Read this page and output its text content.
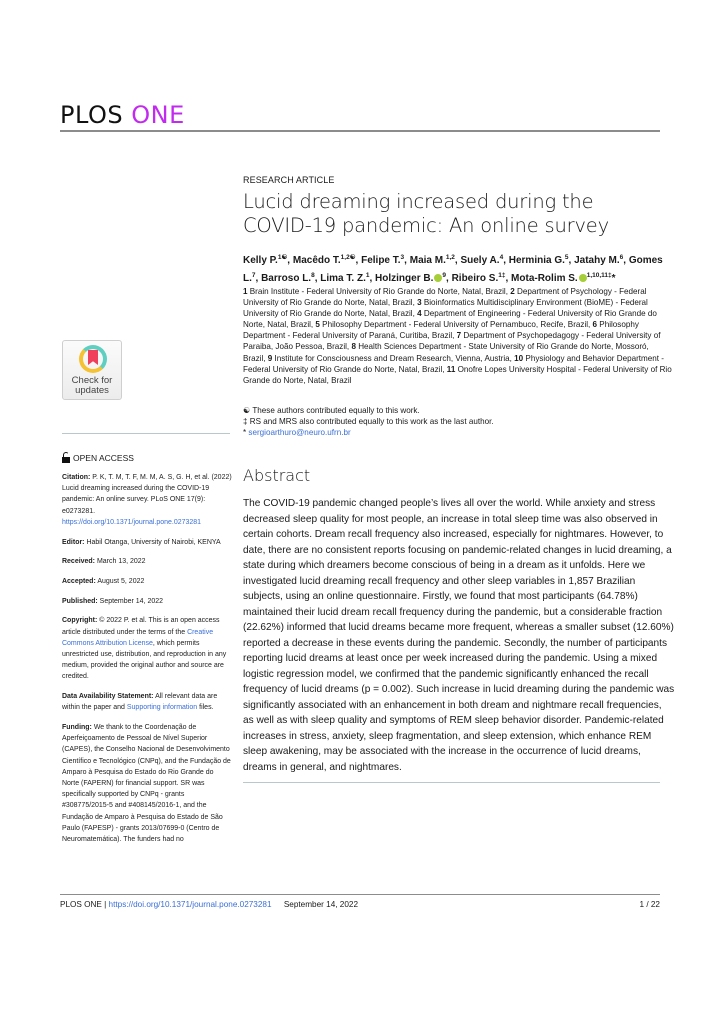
PLOS ONE
RESEARCH ARTICLE
Lucid dreaming increased during the COVID-19 pandemic: An online survey
Kelly P.$^{1☯}$, Macêdo T.$^{1,2☯}$, Felipe T.$^3$, Maia M.$^{1,2}$, Suely A.$^4$, Herminia G.$^5$, Jatahy M.$^6$, Gomes L.$^7$, Barroso L.$^8$, Lima T. Z.$^1$, Holzinger B. $^9$, Ribeiro S.$^{1\ddagger}$, Mota-Rolim S. $^{1,10,11\ddagger}$*
1 Brain Institute - Federal University of Rio Grande do Norte, Natal, Brazil, 2 Department of Psychology - Federal University of Rio Grande do Norte, Natal, Brazil, 3 Bioinformatics Multidisciplinary Environment (BioME) - Federal University of Rio Grande do Norte, Natal, Brazil, 4 Department of Engineering - Federal University of Rio Grande do Norte, Natal, Brazil, 5 Philosophy Department - Federal University of Pernambuco, Recife, Brazil, 6 Philosophy Department - Federal University of Paraná, Curitiba, Brazil, 7 Department of Psychopedagogy - Federal University of Paraiba, João Pessoa, Brazil, 8 Health Sciences Department - State University of Rio Grande do Norte, Mossoró, Brazil, 9 Institute for Consciousness and Dream Research, Vienna, Austria, 10 Physiology and Behavior Department - Federal University of Rio Grande do Norte, Natal, Brazil, 11 Onofre Lopes University Hospital - Federal University of Rio Grande do Norte, Natal, Brazil
☯ These authors contributed equally to this work.
‡ RS and MRS also contributed equally to this work as the last author.
* sergioarthuro@neuro.ufrn.br
Check for updates
OPEN ACCESS

Citation: P. K, T. M, T. F, M. M, A. S, G. H, et al. (2022) Lucid dreaming increased during the COVID-19 pandemic: An online survey. PLoS ONE 17(9): e0273281. https://doi.org/10.1371/journal.pone.0273281

Editor: Habil Otanga, University of Nairobi, KENYA

Received: March 13, 2022

Accepted: August 5, 2022

Published: September 14, 2022

Copyright: © 2022 P. et al. This is an open access article distributed under the terms of the Creative Commons Attribution License, which permits unrestricted use, distribution, and reproduction in any medium, provided the original author and source are credited.

Data Availability Statement: All relevant data are within the paper and Supporting information files.

Funding: We thank to the Coordenação de Aperfeiçoamento de Pessoal de Nível Superior (CAPES), the Conselho Nacional de Desenvolvimento Científico e Tecnológico (CNPq), and the Fundação de Amparo à Pesquisa do Estado do Rio Grande do Norte (FAPERN) for financial support. SR was specifically supported by CNPq - grants #308775/2015-5 and #408145/2016-1, and the Fundação de Amparo à Pesquisa do Estado de São Paulo (FAPESP) - grants 2013/07699-0 (Centro de Neuromatemática). The funders had no

Abstract

The COVID-19 pandemic changed people’s lives all over the world. While anxiety and stress decreased sleep quality for most people, an increase in total sleep time was also observed in certain cohorts. Dream recall frequency also increased, especially for nightmares. However, to date, there are no consistent reports focusing on pandemic-related changes in lucid dreaming, a state during which dreamers become conscious of being in a dream as it unfolds. Here we investigated lucid dreaming recall frequency and other sleep variables in 1,857 Brazilian subjects, using an online questionnaire. Firstly, we found that most participants (64.78%) maintained their lucid dream recall frequency during the pandemic, but a considerable fraction (22.62%) informed that lucid dreams became more frequent, whereas a smaller subset (12.60%) reported a decrease in these events during the pandemic. Secondly, the number of participants reporting lucid dreams at least once per week increased during the pandemic. Using a mixed logistic regression model, we confirmed that the pandemic significantly enhanced the recall frequency of lucid dreams (p = 0.002). Such increase in lucid dreaming during the pandemic was significantly associated with an enhancement in both dream and nightmare recall frequencies, as well as with sleep quality and symptoms of REM sleep behavior disorder. Pandemic-related increases in stress, anxiety, sleep fragmentation, and sleep extension, which enhance REM sleep awakening, may be associated with the increase in the occurrence of lucid dreams, dreams in general, and nightmares.

PLOS ONE | https://doi.org/10.1371/journal.pone.0273281 September 14, 2022	1 / 22
